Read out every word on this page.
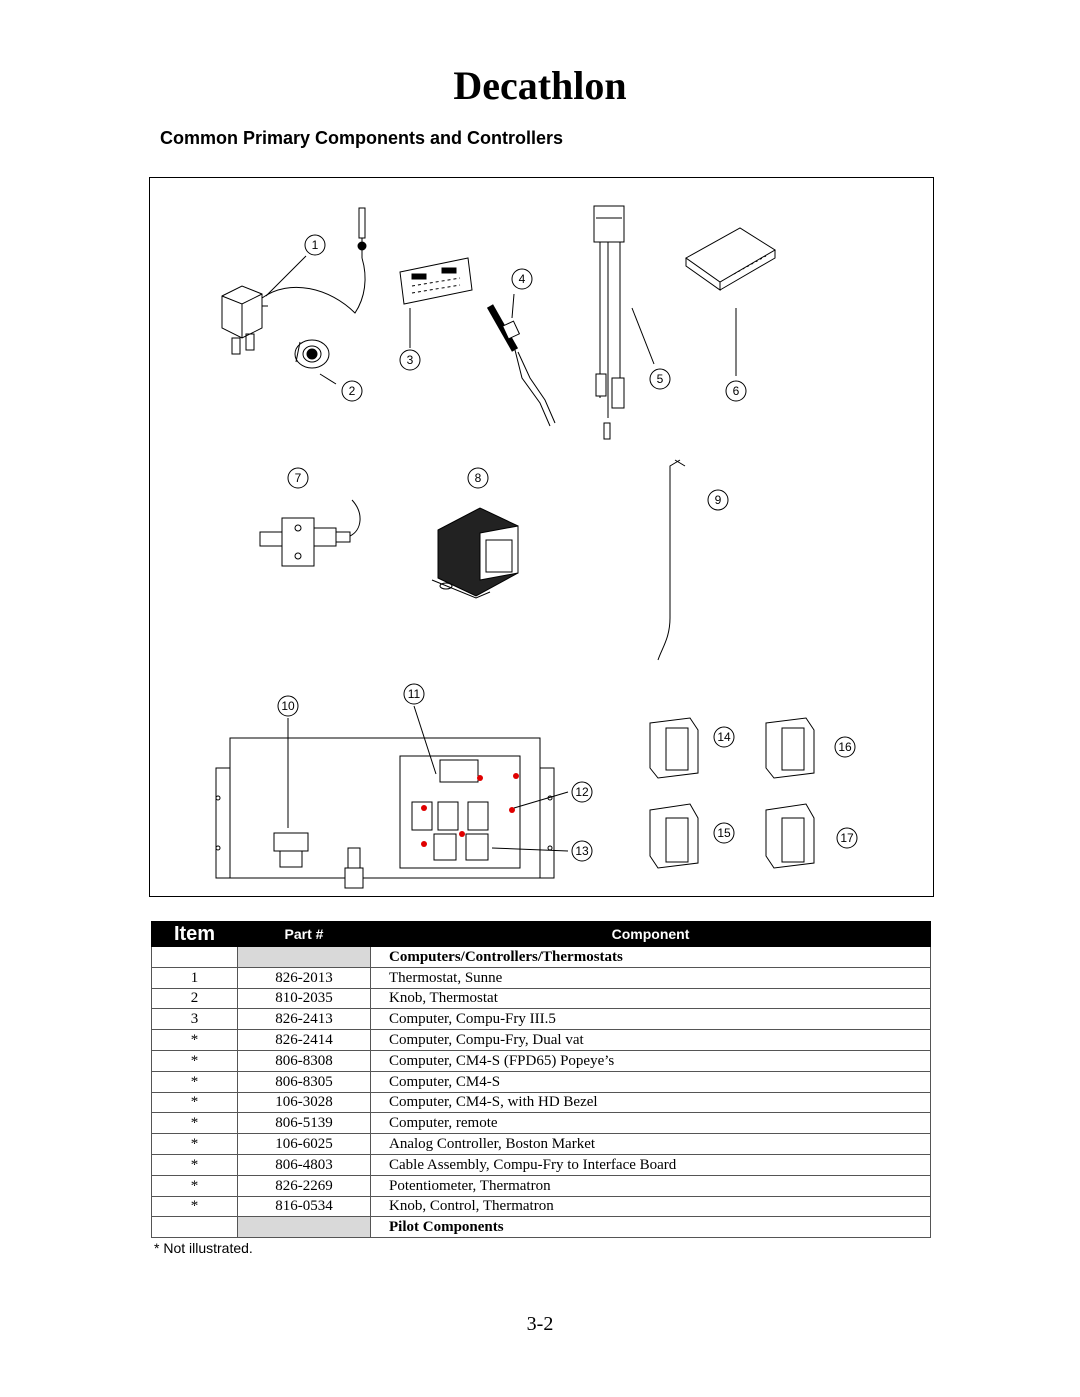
Decathlon
Common Primary Components and Controllers
1
2
3
4
5
6
7	8
9
10
11
12
13
14
15
16
17
Item	Part #	Component
		Computers/Controllers/Thermostats
1	826-2013	Thermostat, Sunne
2	810-2035	Knob, Thermostat
3	826-2413	Computer, Compu-Fry III.5
*	826-2414	Computer, Compu-Fry, Dual vat
*	806-8308	Computer, CM4-S (FPD65) Popeye’s
*	806-8305	Computer, CM4-S
*	106-3028	Computer, CM4-S, with HD Bezel
*	806-5139	Computer, remote
*	106-6025	Analog Controller, Boston Market
*	806-4803	Cable Assembly, Compu-Fry to Interface Board
*	826-2269	Potentiometer, Thermatron
*	816-0534	Knob, Control, Thermatron
		Pilot Components
* Not illustrated.
3-2
